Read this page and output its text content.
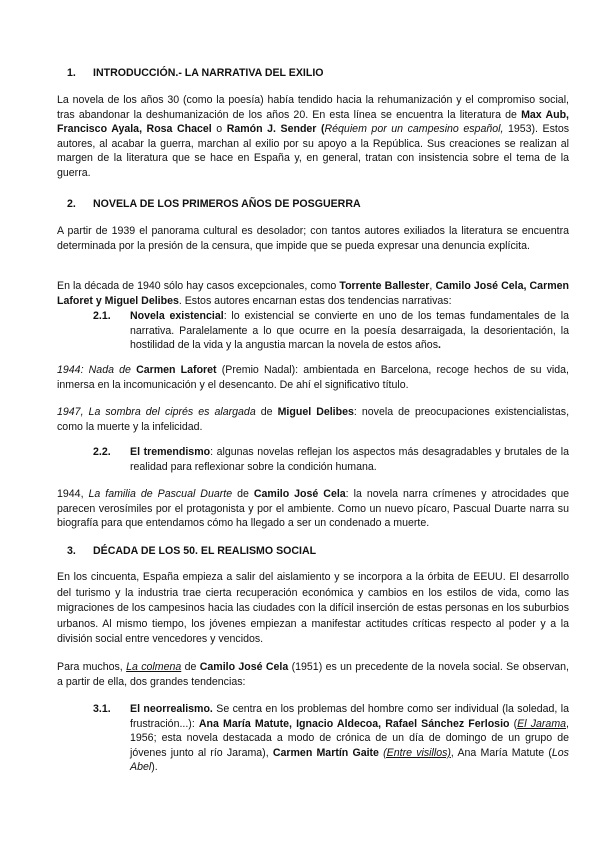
1. INTRODUCCIÓN.- LA NARRATIVA DEL EXILIO
La novela de los años 30 (como la poesía) había tendido hacia la rehumanización y el compromiso social, tras abandonar la deshumanización de los años 20. En esta línea se encuentra la literatura de Max Aub, Francisco Ayala, Rosa Chacel o Ramón J. Sender (Réquiem por un campesino español, 1953). Estos autores, al acabar la guerra, marchan al exilio por su apoyo a la República. Sus creaciones se realizan al margen de la literatura que se hace en España y, en general, tratan con insistencia sobre el tema de la guerra.
2. NOVELA DE LOS PRIMEROS AÑOS DE POSGUERRA
A partir de 1939 el panorama cultural es desolador; con tantos autores exiliados la literatura se encuentra determinada por la presión de la censura, que impide que se pueda expresar una denuncia explícita.
En la década de 1940 sólo hay casos excepcionales, como Torrente Ballester, Camilo José Cela, Carmen Laforet y Miguel Delibes. Estos autores encarnan estas dos tendencias narrativas:
2.1. Novela existencial: lo existencial se convierte en uno de los temas fundamentales de la narrativa. Paralelamente a lo que ocurre en la poesía desarraigada, la desorientación, la hostilidad de la vida y la angustia marcan la novela de estos años.
1944: Nada de Carmen Laforet (Premio Nadal): ambientada en Barcelona, recoge hechos de su vida, inmersa en la incomunicación y el desencanto. De ahí el significativo título.
1947, La sombra del ciprés es alargada de Miguel Delibes: novela de preocupaciones existencialistas, como la muerte y la infelicidad.
2.2. El tremendismo: algunas novelas reflejan los aspectos más desagradables y brutales de la realidad para reflexionar sobre la condición humana.
1944, La familia de Pascual Duarte de Camilo José Cela: la novela narra crímenes y atrocidades que parecen verosímiles por el protagonista y por el ambiente. Como un nuevo pícaro, Pascual Duarte narra su biografía para que entendamos cómo ha llegado a ser un condenado a muerte.
3. DÉCADA DE LOS 50. EL REALISMO SOCIAL
En los cincuenta, España empieza a salir del aislamiento y se incorpora a la órbita de EEUU. El desarrollo del turismo y la industria trae cierta recuperación económica y cambios en los estilos de vida, como las migraciones de los campesinos hacia las ciudades con la difícil inserción de estas personas en los suburbios urbanos. Al mismo tiempo, los jóvenes empiezan a manifestar actitudes críticas respecto al poder y a la división social entre vencedores y vencidos.
Para muchos, La colmena de Camilo José Cela (1951) es un precedente de la novela social. Se observan, a partir de ella, dos grandes tendencias:
3.1. El neorrealismo. Se centra en los problemas del hombre como ser individual (la soledad, la frustración...): Ana María Matute, Ignacio Aldecoa, Rafael Sánchez Ferlosio (El Jarama, 1956; esta novela destacada a modo de crónica de un día de domingo de un grupo de jóvenes junto al río Jarama), Carmen Martín Gaite (Entre visillos), Ana María Matute (Los Abel).
